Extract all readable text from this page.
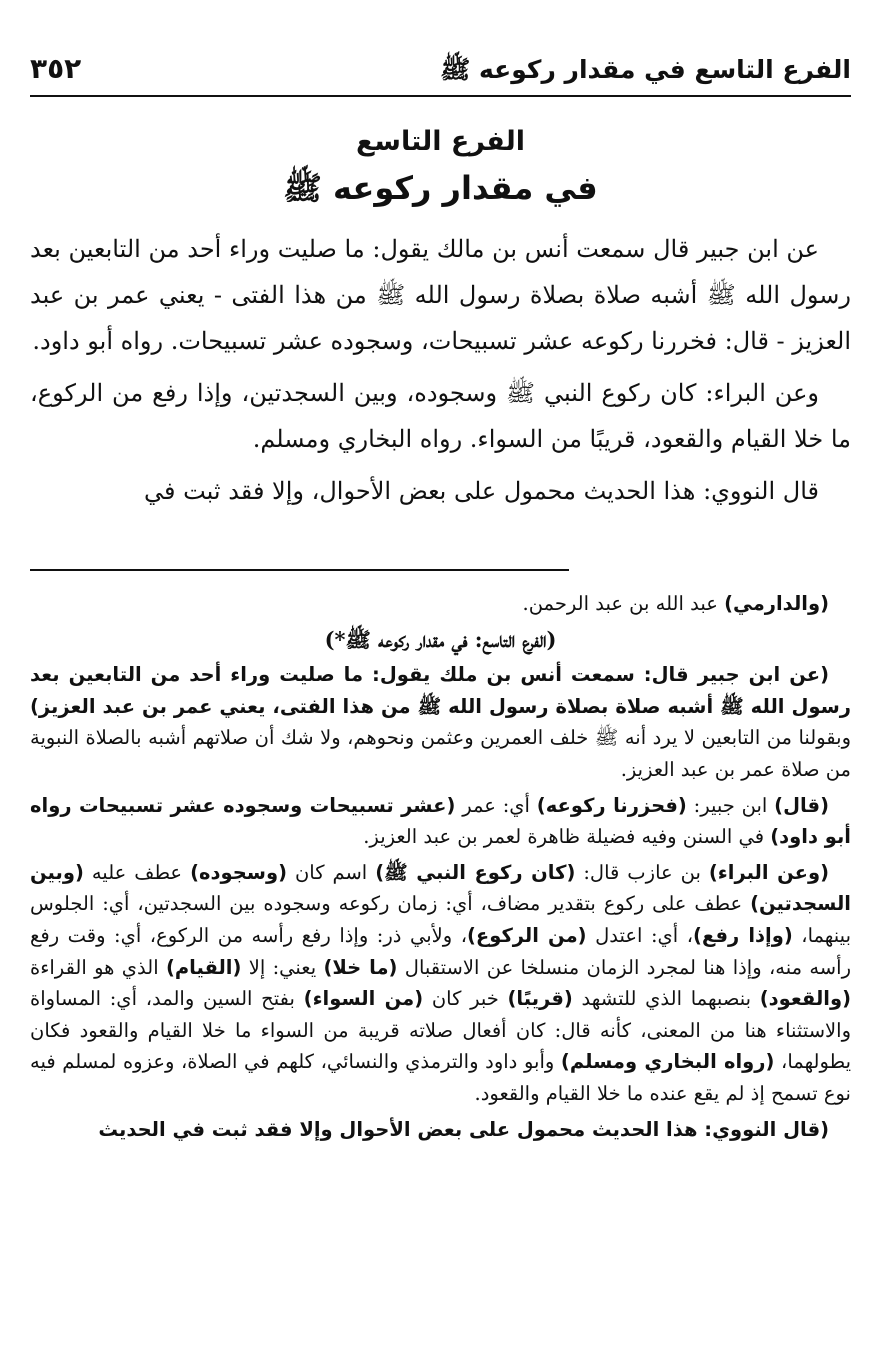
الفرع التاسع في مقدار ركوعه ﷺ
٣٥٢
الفرع التاسع
في مقدار ركوعه ﷺ

عن ابن جبير قال سمعت أنس بن مالك يقول: ما صليت وراء أحد من التابعين بعد رسول الله ﷺ أشبه صلاة بصلاة رسول الله ﷺ من هذا الفتى - يعني عمر بن عبد العزيز - قال: فخررنا ركوعه عشر تسبيحات، وسجوده عشر تسبيحات. رواه أبو داود.

وعن البراء: كان ركوع النبي ﷺ وسجوده، وبين السجدتين، وإذا رفع من الركوع، ما خلا القيام والقعود، قريبًا من السواء. رواه البخاري ومسلم.

قال النووي: هذا الحديث محمول على بعض الأحوال، وإلا فقد ثبت في

(والدارمي) عبد الله بن عبد الرحمن.

(الفرع التاسع: في مقدار ركوعه ﷺ*)

(عن ابن جبير قال: سمعت أنس بن ملك يقول: ما صليت وراء أحد من التابعين بعد رسول الله ﷺ أشبه صلاة بصلاة رسول الله ﷺ من هذا الفتى، يعني عمر بن عبد العزيز) وبقولنا من التابعين لا يرد أنه ﷺ خلف العمرين وعثمن ونحوهم، ولا شك أن صلاتهم أشبه بالصلاة النبوية من صلاة عمر بن عبد العزيز.

(قال) ابن جبير: (فحزرنا ركوعه) أي: عمر (عشر تسبيحات وسجوده عشر تسبيحات رواه أبو داود) في السنن وفيه فضيلة ظاهرة لعمر بن عبد العزيز.

(وعن البراء) بن عازب قال: (كان ركوع النبي ﷺ) اسم كان (وسجوده) عطف عليه (وبين السجدتين) عطف على ركوع بتقدير مضاف، أي: زمان ركوعه وسجوده بين السجدتين، أي: الجلوس بينهما، (وإذا رفع)، أي: اعتدل (من الركوع)، ولأبي ذر: وإذا رفع رأسه من الركوع، أي: وقت رفع رأسه منه، وإذا هنا لمجرد الزمان منسلخا عن الاستقبال (ما خلا) يعني: إلا (القيام) الذي هو القراءة (والقعود) بنصبهما الذي للتشهد (قريبًا) خبر كان (من السواء) بفتح السين والمد، أي: المساواة والاستثناء هنا من المعنى، كأنه قال: كان أفعال صلاته قريبة من السواء ما خلا القيام والقعود فكان يطولهما، (رواه البخاري ومسلم) وأبو داود والترمذي والنسائي، كلهم في الصلاة، وعزوه لمسلم فيه نوع تسمح إذ لم يقع عنده ما خلا القيام والقعود.

(قال النووي: هذا الحديث محمول على بعض الأحوال وإلا فقد ثبت في الحديث
